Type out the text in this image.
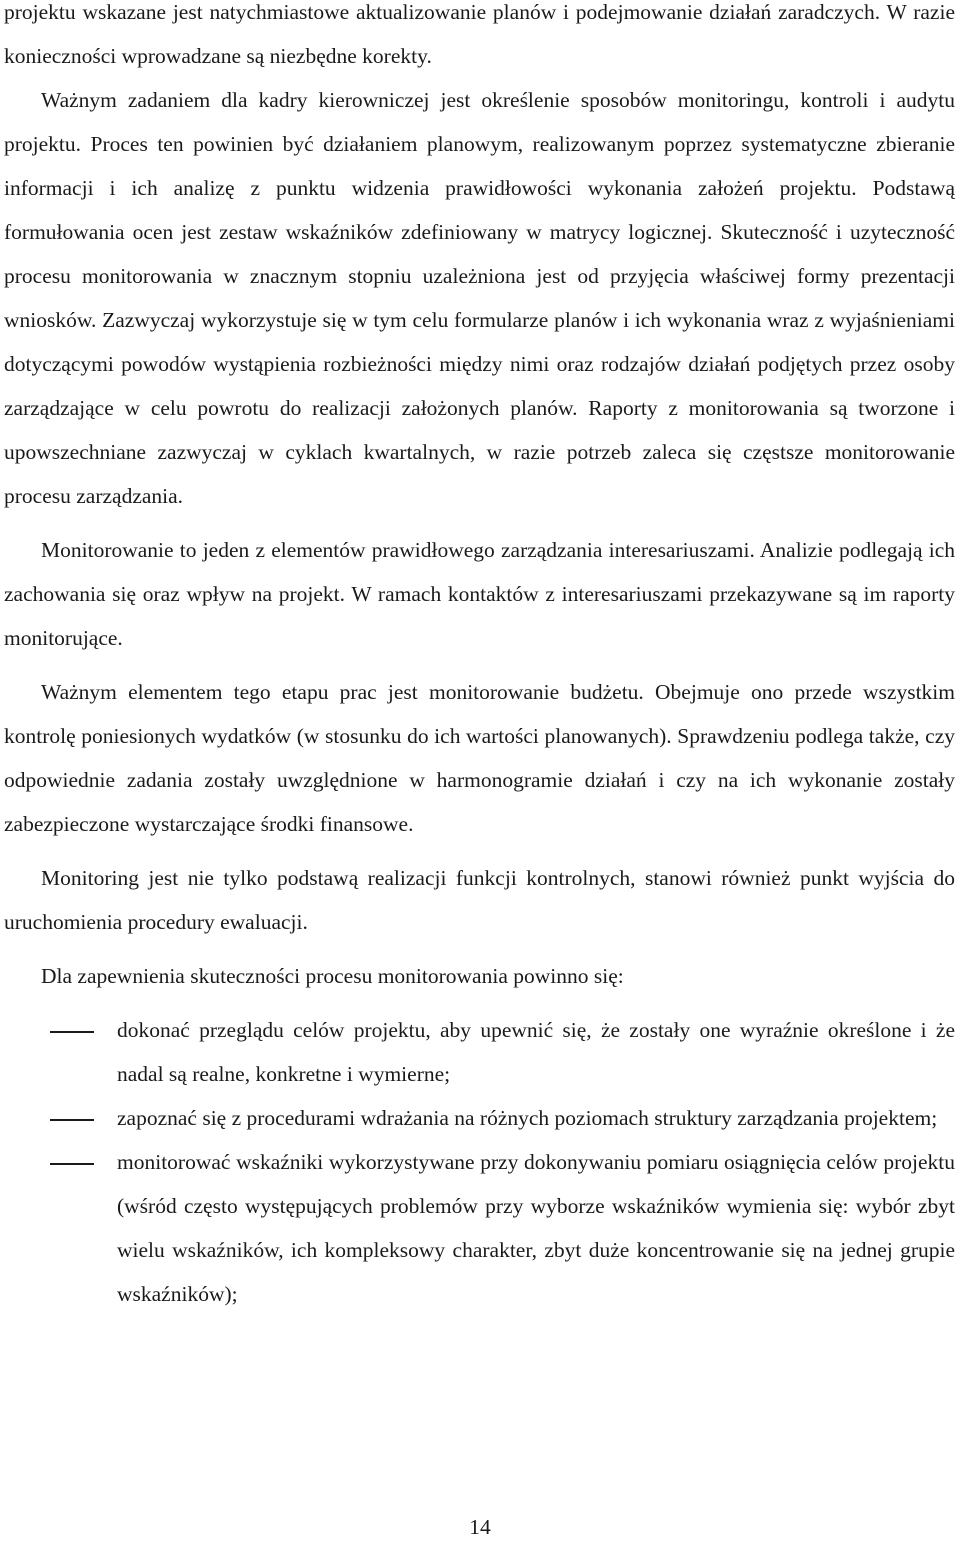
projektu wskazane jest natychmiastowe aktualizowanie planów i podejmowanie działań zaradczych. W razie konieczności wprowadzane są niezbędne korekty.

Ważnym zadaniem dla kadry kierowniczej jest określenie sposobów monitoringu, kontroli i audytu projektu. Proces ten powinien być działaniem planowym, realizowanym poprzez systematyczne zbieranie informacji i ich analizę z punktu widzenia prawidłowości wykonania założeń projektu. Podstawą formułowania ocen jest zestaw wskaźników zdefiniowany w matrycy logicznej. Skuteczność i uzyteczność procesu monitorowania w znacznym stopniu uzależniona jest od przyjęcia właściwej formy prezentacji wniosków. Zazwyczaj wykorzystuje się w tym celu formularze planów i ich wykonania wraz z wyjaśnieniami dotyczącymi powodów wystąpienia rozbieżności między nimi oraz rodzajów działań podjętych przez osoby zarządzające w celu powrotu do realizacji założonych planów. Raporty z monitorowania są tworzone i upowszechniane zazwyczaj w cyklach kwartalnych, w razie potrzeb zaleca się częstsze monitorowanie procesu zarządzania.

Monitorowanie to jeden z elementów prawidłowego zarządzania interesariuszami. Analizie podlegają ich zachowania się oraz wpływ na projekt. W ramach kontaktów z interesariuszami przekazywane są im raporty monitorujące.

Ważnym elementem tego etapu prac jest monitorowanie budżetu. Obejmuje ono przede wszystkim kontrolę poniesionych wydatków (w stosunku do ich wartości planowanych). Sprawdzeniu podlega także, czy odpowiednie zadania zostały uwzględnione w harmonogramie działań i czy na ich wykonanie zostały zabezpieczone wystarczające środki finansowe.

Monitoring jest nie tylko podstawą realizacji funkcji kontrolnych, stanowi również punkt wyjścia do uruchomienia procedury ewaluacji.

Dla zapewnienia skuteczności procesu monitorowania powinno się:

dokonać przeglądu celów projektu, aby upewnić się, że zostały one wyraźnie określone i że nadal są realne, konkretne i wymierne;
zapoznać się z procedurami wdrażania na różnych poziomach struktury zarządzania projektem;
monitorować wskaźniki wykorzystywane przy dokonywaniu pomiaru osiągnięcia celów projektu (wśród często występujących problemów przy wyborze wskaźników wymienia się: wybór zbyt wielu wskaźników, ich kompleksowy charakter, zbyt duże koncentrowanie się na jednej grupie wskaźników);
14
